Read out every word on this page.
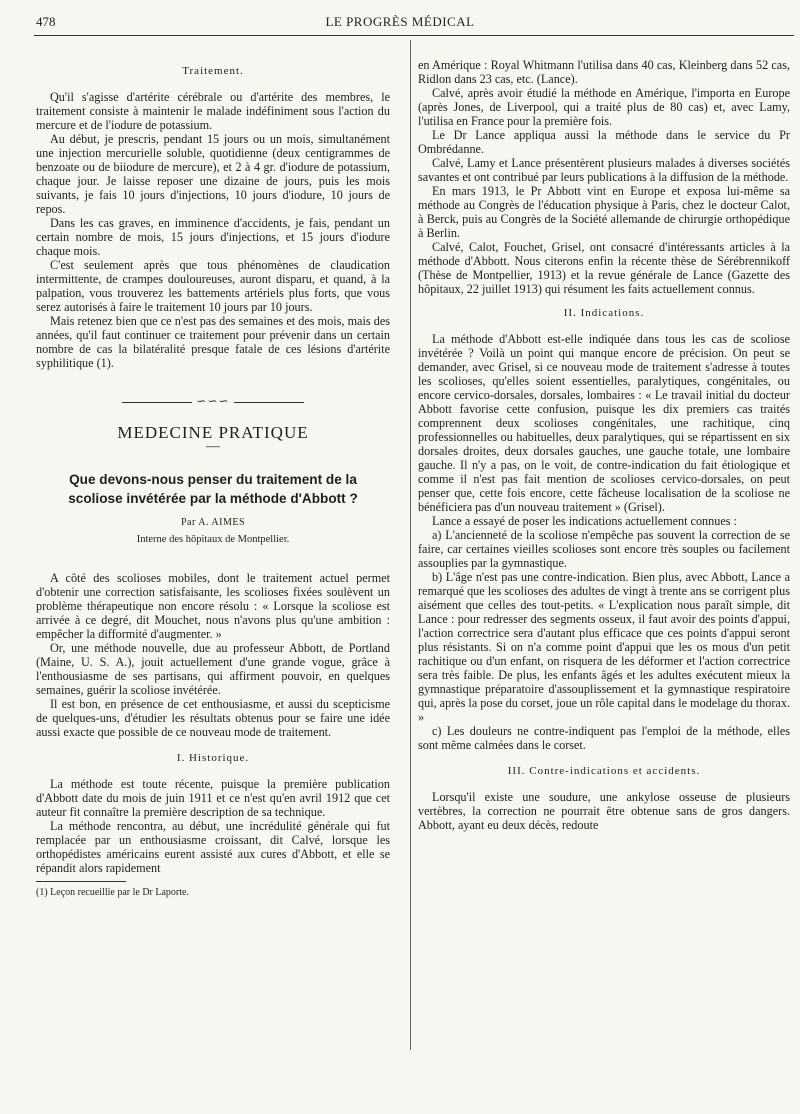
478	LE PROGRÈS MÉDICAL
Traitement.

Qu'il s'agisse d'artérite cérébrale ou d'artérite des membres, le traitement consiste à maintenir le malade indéfiniment sous l'action du mercure et de l'iodure de potassium.

Au début, je prescris, pendant 15 jours ou un mois, simultanément une injection mercurielle soluble, quotidienne (deux centigrammes de benzoate ou de biiodure de mercure), et 2 à 4 gr. d'iodure de potassium, chaque jour. Je laisse reposer une dizaine de jours, puis les mois suivants, je fais 10 jours d'injections, 10 jours d'iodure, 10 jours de repos.

Dans les cas graves, en imminence d'accidents, je fais, pendant un certain nombre de mois, 15 jours d'injections, et 15 jours d'iodure chaque mois.

C'est seulement après que tous phénomènes de claudication intermittente, de crampes douloureuses, auront disparu, et quand, à la palpation, vous trouverez les battements artériels plus forts, que vous serez autorisés à faire le traitement 10 jours par 10 jours.

Mais retenez bien que ce n'est pas des semaines et des mois, mais des années, qu'il faut continuer ce traitement pour prévenir dans un certain nombre de cas la bilatéralité presque fatale de ces lésions d'artérite syphilitique (1).

∽∽∽
MEDECINE PRATIQUE
—
Que devons-nous penser du traitement de la scoliose invétérée par la méthode d'Abbott ?
Par A. AIMES
Interne des hôpitaux de Montpellier.

A côté des scolioses mobiles, dont le traitement actuel permet d'obtenir une correction satisfaisante, les scolioses fixées soulèvent un problème thérapeutique non encore résolu : « Lorsque la scoliose est arrivée à ce degré, dit Mouchet, nous n'avons plus qu'une ambition : empêcher la difformité d'augmenter. »

Or, une méthode nouvelle, due au professeur Abbott, de Portland (Maine, U. S. A.), jouit actuellement d'une grande vogue, grâce à l'enthousiasme de ses partisans, qui affirment pouvoir, en quelques semaines, guérir la scoliose invétérée.

Il est bon, en présence de cet enthousiasme, et aussi du scepticisme de quelques-uns, d'étudier les résultats obtenus pour se faire une idée aussi exacte que possible de ce nouveau mode de traitement.

I. Historique.

La méthode est toute récente, puisque la première publication d'Abbott date du mois de juin 1911 et ce n'est qu'en avril 1912 que cet auteur fit connaître la première description de sa technique.

La méthode rencontra, au début, une incrédulité générale qui fut remplacée par un enthousiasme croissant, dit Calvé, lorsque les orthopédistes américains eurent assisté aux cures d'Abbott, et elle se répandit alors rapidement

(1) Leçon recueillie par le Dr Laporte.

en Amérique : Royal Whitmann l'utilisa dans 40 cas, Kleinberg dans 52 cas, Ridlon dans 23 cas, etc. (Lance).

Calvé, après avoir étudié la méthode en Amérique, l'importa en Europe (après Jones, de Liverpool, qui a traité plus de 80 cas) et, avec Lamy, l'utilisa en France pour la première fois.

Le Dr Lance appliqua aussi la méthode dans le service du Pr Ombrédanne.

Calvé, Lamy et Lance présentèrent plusieurs malades à diverses sociétés savantes et ont contribué par leurs publications à la diffusion de la méthode.

En mars 1913, le Pr Abbott vint en Europe et exposa lui-même sa méthode au Congrès de l'éducation physique à Paris, chez le docteur Calot, à Berck, puis au Congrès de la Société allemande de chirurgie orthopédique à Berlin.

Calvé, Calot, Fouchet, Grisel, ont consacré d'intéressants articles à la méthode d'Abbott. Nous citerons enfin la récente thèse de Sérébrennikoff (Thèse de Montpellier, 1913) et la revue générale de Lance (Gazette des hôpitaux, 22 juillet 1913) qui résument les faits actuellement connus.

II. Indications.

La méthode d'Abbott est-elle indiquée dans tous les cas de scoliose invétérée ? Voilà un point qui manque encore de précision. On peut se demander, avec Grisel, si ce nouveau mode de traitement s'adresse à toutes les scolioses, qu'elles soient essentielles, paralytiques, congénitales, ou encore cervico-dorsales, dorsales, lombaires : « Le travail initial du docteur Abbott favorise cette confusion, puisque les dix premiers cas traités comprennent deux scolioses congénitales, une rachitique, cinq professionnelles ou habituelles, deux paralytiques, qui se répartissent en six dorsales droites, deux dorsales gauches, une gauche totale, une lombaire gauche. Il n'y a pas, on le voit, de contre-indication du fait étiologique et comme il n'est pas fait mention de scolioses cervico-dorsales, on peut penser que, cette fois encore, cette fâcheuse localisation de la scoliose ne bénéficiera pas d'un nouveau traitement » (Grisel).

Lance a essayé de poser les indications actuellement connues :

a) L'ancienneté de la scoliose n'empêche pas souvent la correction de se faire, car certaines vieilles scolioses sont encore très souples ou facilement assouplies par la gymnastique.

b) L'âge n'est pas une contre-indication. Bien plus, avec Abbott, Lance a remarqué que les scolioses des adultes de vingt à trente ans se corrigent plus aisément que celles des tout-petits. « L'explication nous paraît simple, dit Lance : pour redresser des segments osseux, il faut avoir des points d'appui, l'action correctrice sera d'autant plus efficace que ces points d'appui seront plus résistants. Si on n'a comme point d'appui que les os mous d'un petit rachitique ou d'un enfant, on risquera de les déformer et l'action correctrice sera très faible. De plus, les enfants âgés et les adultes exécutent mieux la gymnastique préparatoire d'assouplissement et la gymnastique respiratoire qui, après la pose du corset, joue un rôle capital dans le modelage du thorax. »

c) Les douleurs ne contre-indiquent pas l'emploi de la méthode, elles sont même calmées dans le corset.

III. Contre-indications et accidents.

Lorsqu'il existe une soudure, une ankylose osseuse de plusieurs vertèbres, la correction ne pourrait être obtenue sans de gros dangers. Abbott, ayant eu deux décès, redoute
